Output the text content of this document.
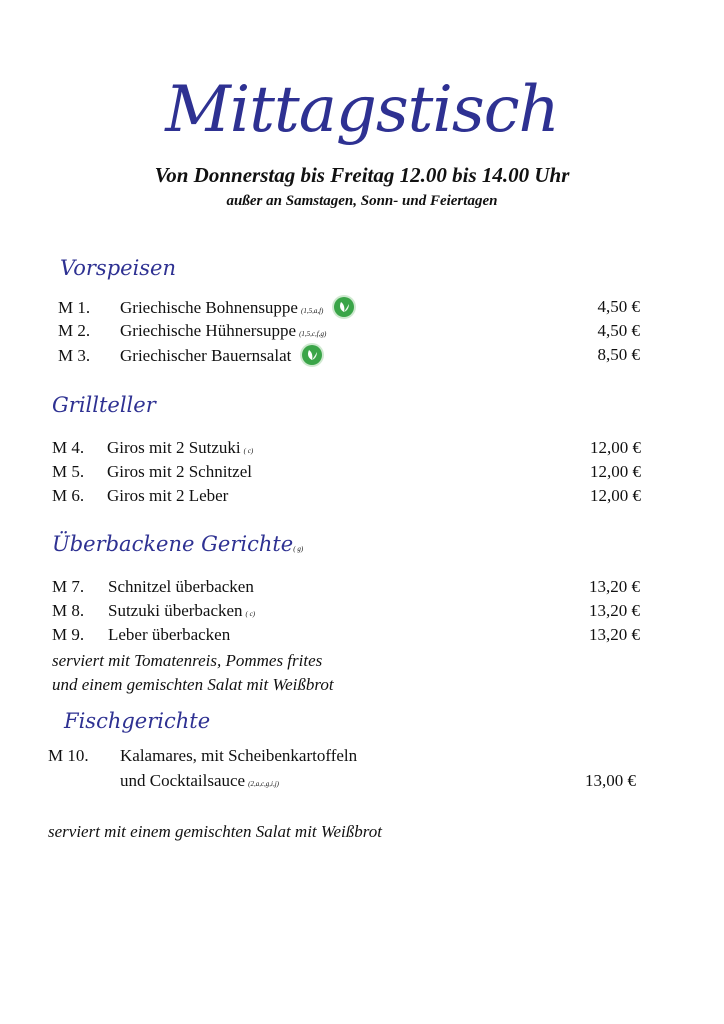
Mittagstisch
Von Donnerstag bis Freitag 12.00 bis 14.00 Uhr
außer an Samstagen, Sonn- und Feiertagen
Vorspeisen
M 1. Griechische Bohnensuppe (1,5,a,f)	4,50 €
M 2. Griechische Hühnersuppe (1,5,c,f,g)	4,50 €
M 3. Griechischer Bauernsalat	8,50 €
Grillteller
M 4. Giros mit 2 Sutzuki ( c)	12,00 €
M 5. Giros mit 2 Schnitzel	12,00 €
M 6. Giros mit 2 Leber	12,00 €
Überbackene Gerichte( g)
M 7. Schnitzel überbacken	13,20 €
M 8. Sutzuki überbacken ( c)	13,20 €
M 9. Leber überbacken	13,20 €
serviert mit Tomatenreis, Pommes frites
und einem gemischten Salat mit Weißbrot
Fischgerichte
M 10. Kalamares, mit Scheibenkartoffeln
und Cocktailsauce (2,a,c,g,i,j)	13,00 €
serviert mit einem gemischten Salat mit Weißbrot
